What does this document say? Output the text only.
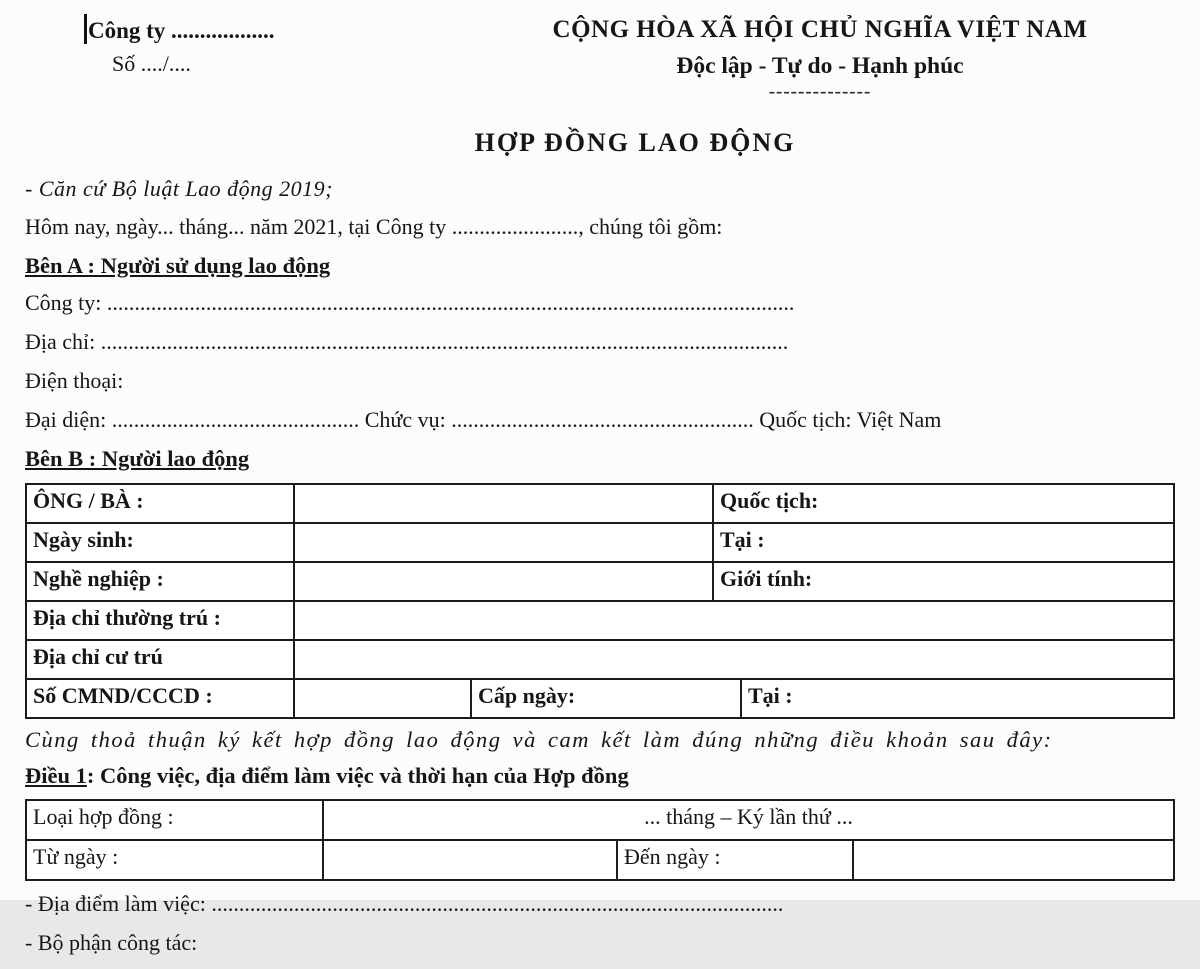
Công ty ..................
Số ..../....
CỘNG HÒA XÃ HỘI CHỦ NGHĨA VIỆT NAM
Độc lập - Tự do - Hạnh phúc
--------------
HỢP ĐỒNG LAO ĐỘNG
- Căn cứ Bộ luật Lao động 2019;
Hôm nay, ngày... tháng... năm 2021, tại Công ty ......................., chúng tôi gồm:
Bên A : Người sử dụng lao động
Công ty: .............................................................................................................................
Địa chỉ: .............................................................................................................................
Điện thoại:
Đại diện: ............................................. Chức vụ: ....................................................... Quốc tịch: Việt Nam
Bên B : Người lao động
ÔNG / BÀ :	Quốc tịch:
Ngày sinh:	Tại :
Nghề nghiệp :	Giới tính:
Địa chỉ thường trú :
Địa chỉ cư trú
Số CMND/CCCD :	Cấp ngày:	Tại :
Cùng thoả thuận ký kết hợp đồng lao động và cam kết làm đúng những điều khoản sau đây:
Điều 1: Công việc, địa điểm làm việc và thời hạn của Hợp đồng
Loại hợp đồng :	... tháng – Ký lần thứ ...
Từ ngày :	Đến ngày :
- Địa điểm làm việc: ........................................................................................................
- Bộ phận công tác:
